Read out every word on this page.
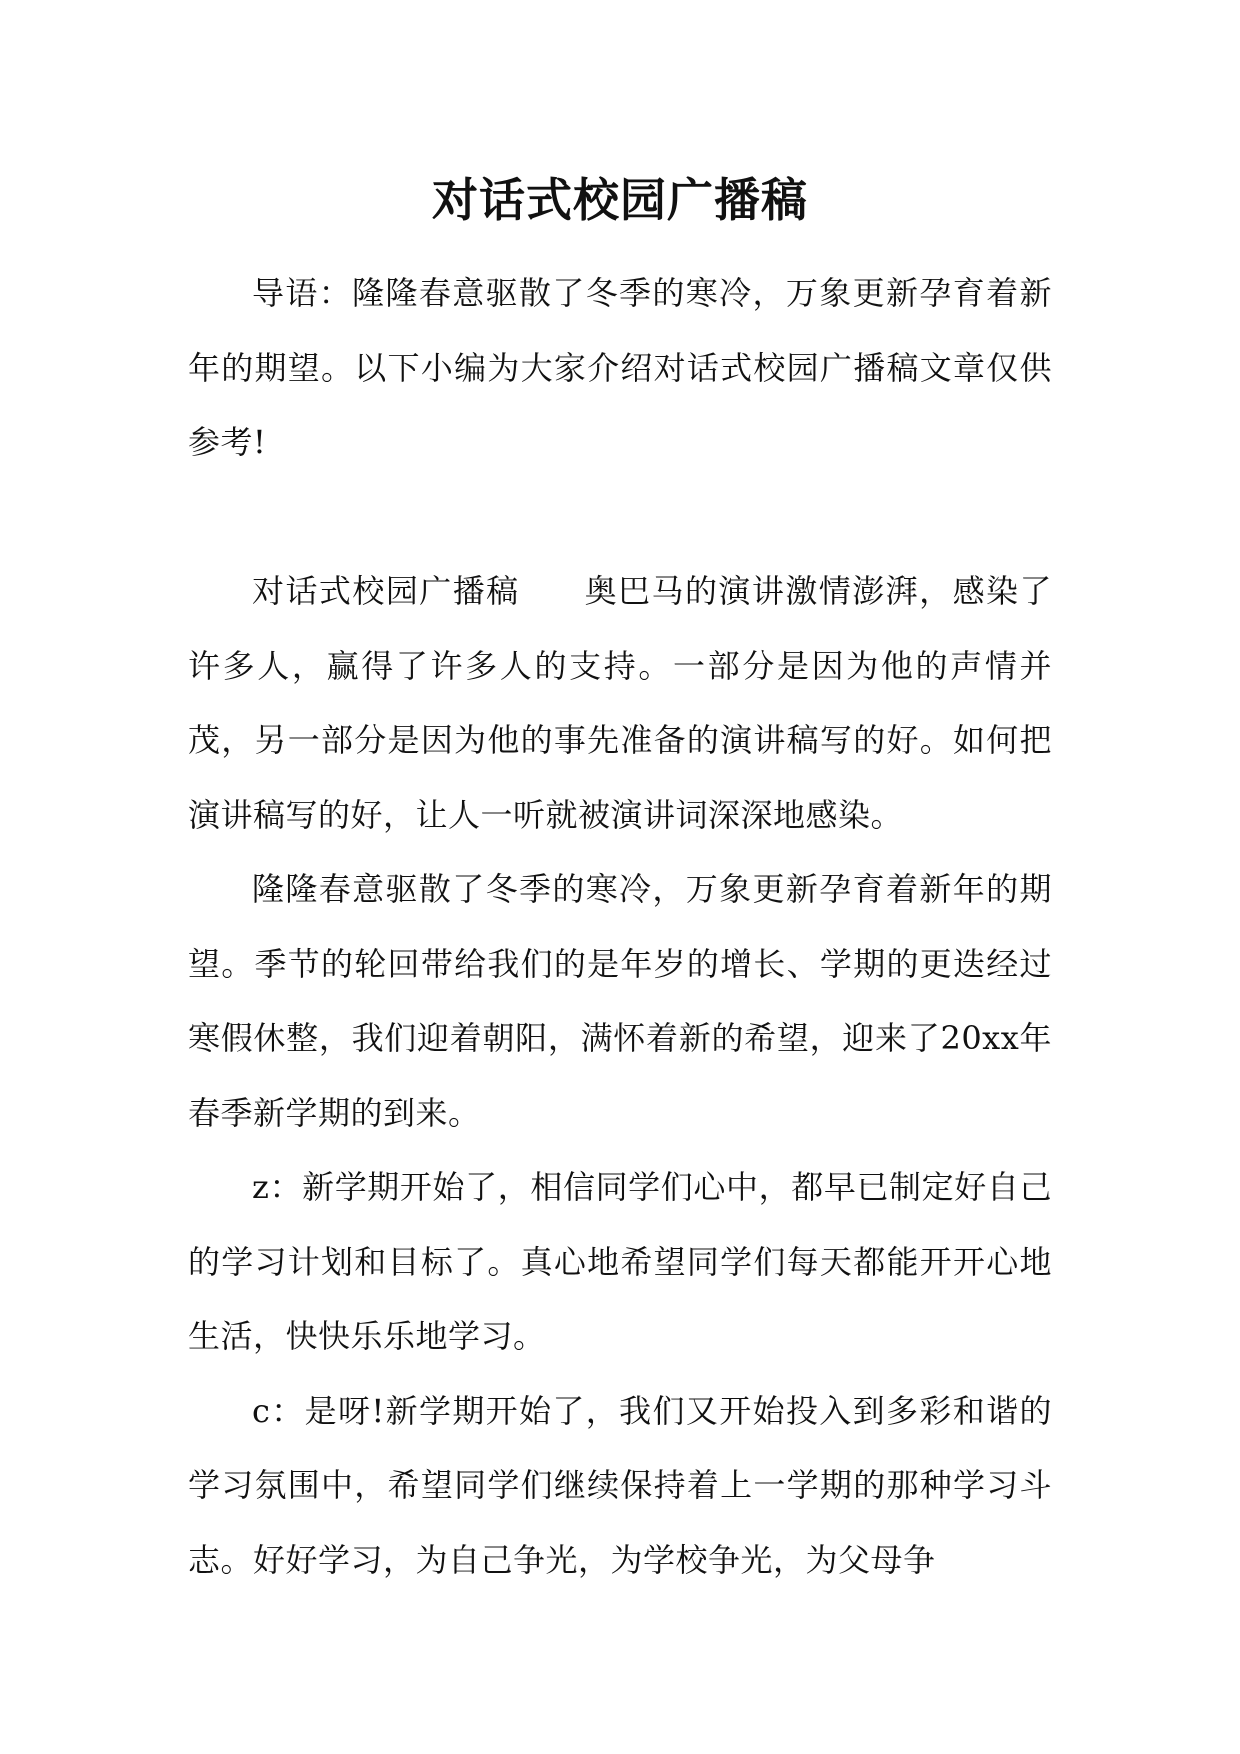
对话式校园广播稿

导语：隆隆春意驱散了冬季的寒冷，万象更新孕育着新年的期望。以下小编为大家介绍对话式校园广播稿文章仅供参考!

对话式校园广播稿 奥巴马的演讲激情澎湃，感染了许多人，赢得了许多人的支持。一部分是因为他的声情并茂，另一部分是因为他的事先准备的演讲稿写的好。如何把演讲稿写的好，让人一听就被演讲词深深地感染。

隆隆春意驱散了冬季的寒冷，万象更新孕育着新年的期望。季节的轮回带给我们的是年岁的增长、学期的更迭经过寒假休整，我们迎着朝阳，满怀着新的希望，迎来了20xx年春季新学期的到来。

z：新学期开始了，相信同学们心中，都早已制定好自己的学习计划和目标了。真心地希望同学们每天都能开开心地生活，快快乐乐地学习。

c：是呀!新学期开始了，我们又开始投入到多彩和谐的学习氛围中，希望同学们继续保持着上一学期的那种学习斗志。好好学习，为自己争光，为学校争光，为父母争
